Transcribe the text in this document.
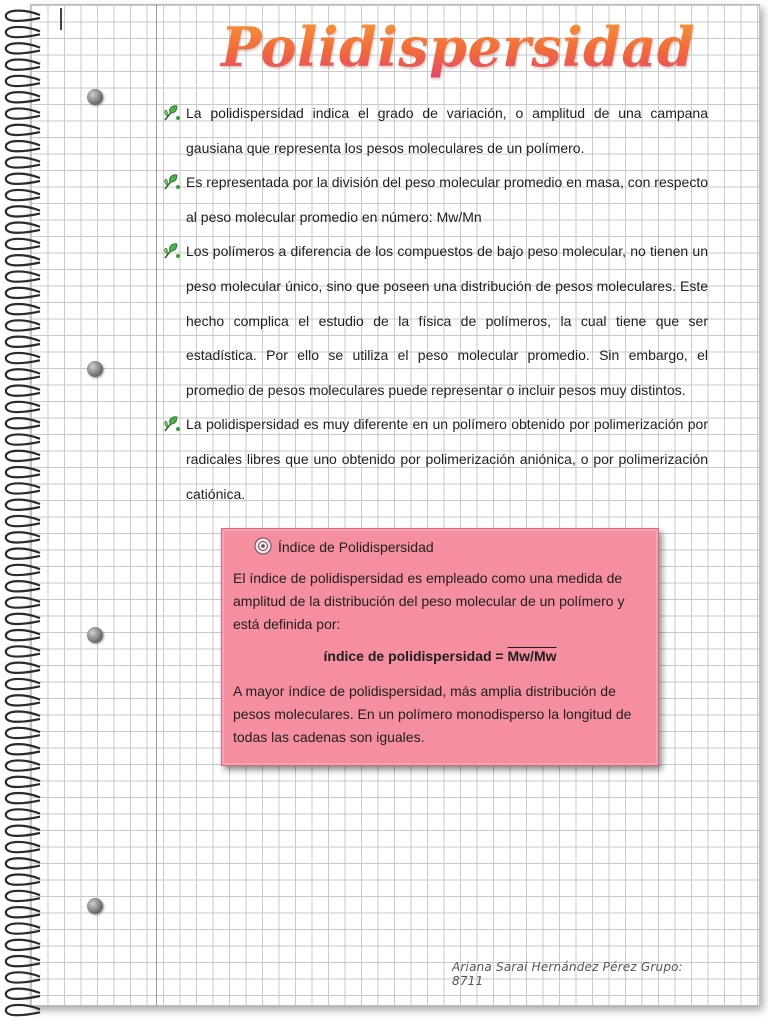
Polidispersidad
La polidispersidad indica el grado de variación, o amplitud de una campana gausiana que representa los pesos moleculares de un polímero.
Es representada por la división del peso molecular promedio en masa, con respecto al peso molecular promedio en número: Mw/Mn
Los polímeros a diferencia de los compuestos de bajo peso molecular, no tienen un peso molecular único, sino que poseen una distribución de pesos moleculares. Este hecho complica el estudio de la física de polímeros, la cual tiene que ser estadística. Por ello se utiliza el peso molecular promedio. Sin embargo, el promedio de pesos moleculares puede representar o incluir pesos muy distintos.
La polidispersidad es muy diferente en un polímero obtenido por polimerización por radicales libres que uno obtenido por polimerización aniónica, o por polimerización catiónica.
Índice de Polidispersidad
El índice de polidispersidad es empleado como una medida de amplitud de la distribución del peso molecular de un polímero y está definida por:
índice de polidispersidad = Mw/Mw
A mayor índice de polidispersidad, más amplia distribución de pesos moleculares. En un polímero monodisperso la longitud de todas las cadenas son iguales.
Ariana Sarai Hernández Pérez Grupo: 8711
